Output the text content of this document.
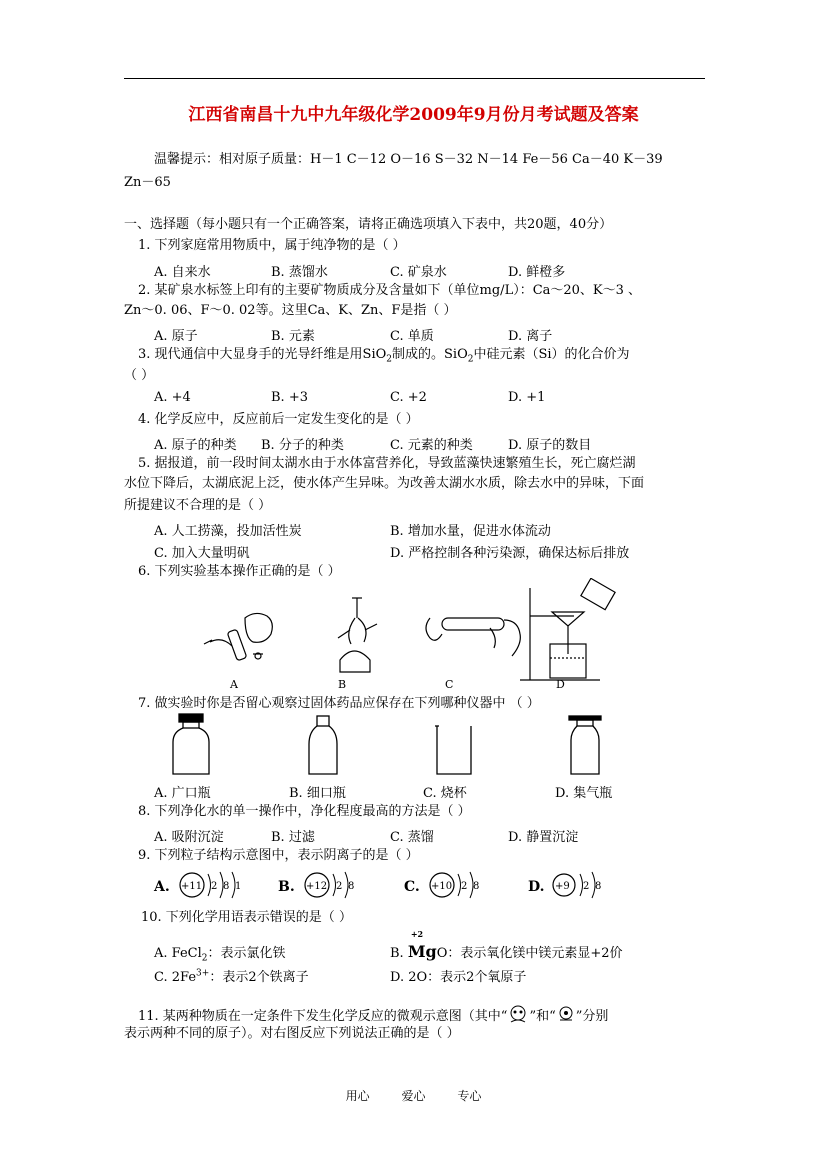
江西省南昌十九中九年级化学2009年9月份月考试题及答案
温馨提示：相对原子质量：H－1 C－12 O－16 S－32 N－14 Fe－56 Ca－40 K－39
Zn－65
一、选择题（每小题只有一个正确答案，请将正确选项填入下表中，共20题，40分）
1. 下列家庭常用物质中，属于纯净物的是（ ）
A. 自来水	B. 蒸馏水	C. 矿泉水	D. 鲜橙多
2. 某矿泉水标签上印有的主要矿物质成分及含量如下（单位mg/L）：Ca～20、K～3 、
Zn～0. 06、F～0. 02等。这里Ca、K、Zn、F是指（ ）
A. 原子	B. 元素	C. 单质	D. 离子
3. 现代通信中大显身手的光导纤维是用SiO$_2$制成的。SiO$_2$中硅元素（Si）的化合价为
（ ）
A. +4	B. +3	C. +2	D. +1
4. 化学反应中，反应前后一定发生变化的是（ ）
A. 原子的种类 B. 分子的种类	C. 元素的种类	D. 原子的数目
5. 据报道，前一段时间太湖水由于水体富营养化，导致蓝藻快速繁殖生长，死亡腐烂湖
水位下降后，太湖底泥上泛，使水体产生异味。为改善太湖水水质，除去水中的异味，下面
所提建议不合理的是（ ）
A. 人工捞藻，投加活性炭	B. 增加水量，促进水体流动
C. 加入大量明矾	D. 严格控制各种污染源，确保达标后排放
6. 下列实验基本操作正确的是（ ）
A	B	C	D
7. 做实验时你是否留心观察过固体药品应保存在下列哪种仪器中 （ ）
A. 广口瓶	B. 细口瓶	C. 烧杯	D. 集气瓶
8. 下列净化水的单一操作中，净化程度最高的方法是（ ）
A. 吸附沉淀	B. 过滤	C. 蒸馏	D. 静置沉淀
9. 下列粒子结构示意图中，表示阴离子的是（ ）
A. +11 2 8 1	B. +12 2 8	C. +10 2 8	D. +9 2 8
10. 下列化学用语表示错误的是（ ）
A. FeCl$_2$：表示氯化铁	B.
+2
MgO：表示氧化镁中镁元素显+2价
C. $2Fe^{3+}$：表示2个铁离子	D. 2O：表示2个氧原子
11. 某两种物质在一定条件下发生化学反应的微观示意图（其中“ ”和“ ”分别
表示两种不同的原子）。对右图反应下列说法正确的是（ ）
用心	爱心	专心
